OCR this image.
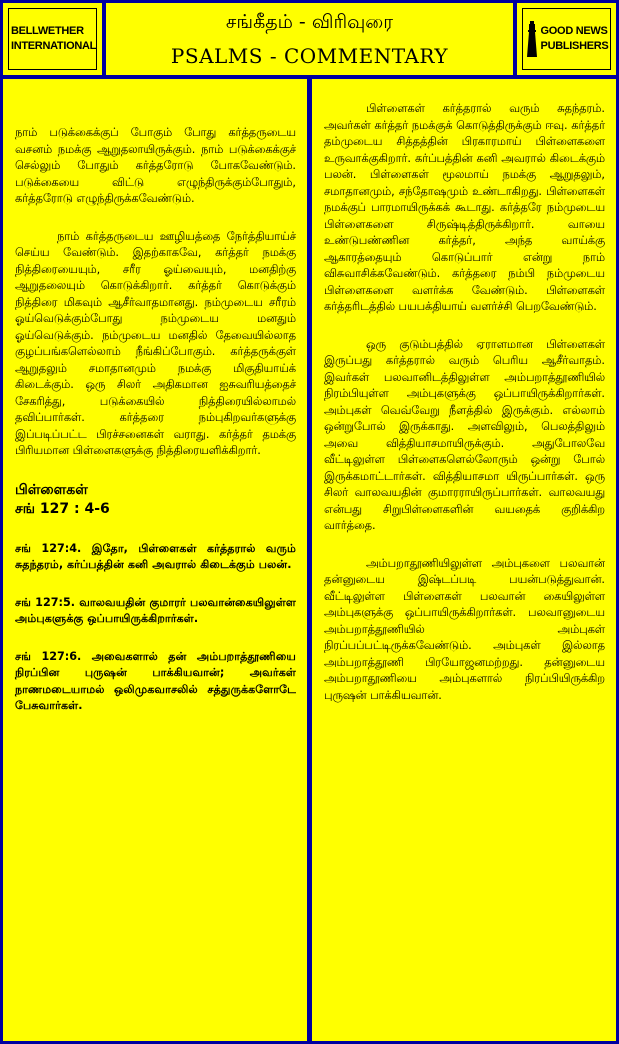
BELLWETHER
INTERNATIONAL
சங்கீதம் - விரிவுரை
PSALMS - COMMENTARY
GOOD NEWS
PUBLISHERS

நாம் படுக்கைக்குப் போகும் போது கர்த்தருடைய வசனம் நமக்கு ஆறுதலாயிருக்கும். நாம் படுக்கைக்குச் செல்லும் போதும் கர்த்தரோடு போகவேண்டும். படுக்கையை விட்டு எழுந்திருக்கும்போதும், கர்த்தரோடு எழுந்திருக்கவேண்டும்.

நாம் கர்த்தருடைய ஊழியத்தை நேர்த்தியாய்ச் செய்ய வேண்டும். இதற்காகவே, கர்த்தர் நமக்கு நித்திரையையும், சரீர ஓய்வையும், மனதிற்கு ஆறுதலையும் கொடுக்கிறார். கர்த்தர் கொடுக்கும் நித்திரை மிகவும் ஆசீர்வாதமானது. நம்முடைய சரீரம் ஓய்வெடுக்கும்போது நம்முடைய மனதும் ஓய்வெடுக்கும். நம்முடைய மனதில் தேவையில்லாத குழப்பங்களெல்லாம் நீங்கிப்போகும். கர்த்தருக்குள் ஆறுதலும் சமாதானமும் நமக்கு மிகுதியாய்க் கிடைக்கும். ஒரு சிலர் அதிகமான ஐசுவரியத்தைச் சேகரித்து, படுக்கையில் நித்திரையில்லாமல் தவிப்பார்கள். கர்த்தரை நம்புகிறவர்களுக்கு இப்படிப்பட்ட பிரச்சனைகள் வராது. கர்த்தர் தமக்கு பிரியமான பிள்ளைகளுக்கு நித்திரையளிக்கிறார்.

பிள்ளைகள்
சங் 127 : 4-6

சங் 127:4. இதோ, பிள்ளைகள் கர்த்தரால் வரும் சுதந்தரம், கர்ப்பத்தின் கனி அவரால் கிடைக்கும் பலன்.

சங் 127:5. வாலவயதின் குமாரர் பலவான்கையிலுள்ள அம்புகளுக்கு ஒப்பாயிருக்கிறார்கள்.

சங் 127:6. அவைகளால் தன் அம்பறாத்தூணியை நிரப்பின புருஷன் பாக்கியவான்; அவர்கள் நாணமடையாமல் ஒலிமுகவாசலில் சத்துருக்களோடே பேசுவார்கள்.

பிள்ளைகள் கர்த்தரால் வரும் சுதந்தரம். அவர்கள் கர்த்தர் நமக்குக் கொடுத்திருக்கும் ஈவு. கர்த்தர் தம்முடைய சித்தத்தின் பிரகாரமாய் பிள்ளைகளை உருவாக்குகிறார். கர்ப்பத்தின் கனி அவரால் கிடைக்கும் பலன். பிள்ளைகள் மூலமாய் நமக்கு ஆறுதலும், சமாதானமும், சந்தோஷமும் உண்டாகிறது. பிள்ளைகள் நமக்குப் பாரமாயிருக்கக் கூடாது. கர்த்தரே நம்முடைய பிள்ளைகளை சிருஷ்டித்திருக்கிறார். வாயை உண்டுபண்ணின கர்த்தர், அந்த வாய்க்கு ஆகாரத்தையும் கொடுப்பார் என்று நாம் விசுவாசிக்கவேண்டும். கர்த்தரை நம்பி நம்முடைய பிள்ளைகளை வளர்க்க வேண்டும். பிள்ளைகள் கர்த்தரிடத்தில் பயபக்தியாய் வளர்ச்சி பெறவேண்டும்.

ஒரு குடும்பத்தில் ஏராளமான பிள்ளைகள் இருப்பது கர்த்தரால் வரும் பெரிய ஆசீர்வாதம். இவர்கள் பலவானிடத்திலுள்ள அம்பறாத்தூணியில் நிரம்பியுள்ள அம்புகளுக்கு ஒப்பாயிருக்கிறார்கள். அம்புகள் வெவ்வேறு நீளத்தில் இருக்கும். எல்லாம் ஒன்றுபோல் இருக்காது. அளவிலும், பெலத்திலும் அவை வித்தியாசமாயிருக்கும். அதுபோலவே வீட்டிலுள்ள பிள்ளைகளெல்லோரும் ஒன்று போல் இருக்கமாட்டார்கள். வித்தியாசமா யிருப்பார்கள். ஒரு சிலர் வாலவயதின் குமாரராயிருப்பார்கள். வாலவயது என்பது சிறுபிள்ளைகளின் வயதைக் குறிக்கிற வார்த்தை.

அம்பறாதூணியிலுள்ள அம்புகளை பலவான் தன்னுடைய இஷ்டப்படி பயன்படுத்துவான். வீட்டிலுள்ள பிள்ளைகள் பலவான் கையிலுள்ள அம்புகளுக்கு ஒப்பாயிருக்கிறார்கள். பலவானுடைய அம்பறாத்தூணியில் அம்புகள் நிரப்பப்பட்டிருக்கவேண்டும். அம்புகள் இல்லாத அம்பறாத்தூணி பிரயோஜனமற்றது. தன்னுடைய அம்பறாதூணியை அம்புகளால் நிரப்பியிருக்கிற புருஷன் பாக்கியவான்.
